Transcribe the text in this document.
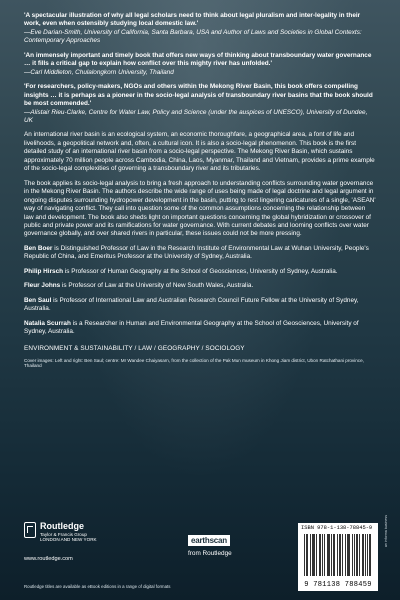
'A spectacular illustration of why all legal scholars need to think about legal pluralism and inter-legality in their work, even when ostensibly studying local domestic law.'
—Eve Darian-Smith, University of California, Santa Barbara, USA and Author of Laws and Societies in Global Contexts: Contemporary Approaches
'An immensely important and timely book that offers new ways of thinking about transboundary water governance … it fills a critical gap to explain how conflict over this mighty river has unfolded.'
—Carl Middleton, Chulalongkorn University, Thailand
'For researchers, policy-makers, NGOs and others within the Mekong River Basin, this book offers compelling insights … it is perhaps as a pioneer in the socio-legal analysis of transboundary river basins that the book should be most commended.'
—Alistair Rieu-Clarke, Centre for Water Law, Policy and Science (under the auspices of UNESCO), University of Dundee, UK

An international river basin is an ecological system, an economic thoroughfare, a geographical area, a font of life and livelihoods, a geopolitical network and, often, a cultural icon. It is also a socio-legal phenomenon. This book is the first detailed study of an international river basin from a socio-legal perspective. The Mekong River Basin, which sustains approximately 70 million people across Cambodia, China, Laos, Myanmar, Thailand and Vietnam, provides a prime example of the socio-legal complexities of governing a transboundary river and its tributaries.

The book applies its socio-legal analysis to bring a fresh approach to understanding conflicts surrounding water governance in the Mekong River Basin. The authors describe the wide range of uses being made of legal doctrine and legal argument in ongoing disputes surrounding hydropower development in the basin, putting to rest lingering caricatures of a single, 'ASEAN' way of navigating conflict. They call into question some of the common assumptions concerning the relationship between law and development. The book also sheds light on important questions concerning the global hybridization or crossover of public and private power and its ramifications for water governance. With current debates and looming conflicts over water governance globally, and over shared rivers in particular, these issues could not be more pressing.

Ben Boer is Distinguished Professor of Law in the Research Institute of Environmental Law at Wuhan University, People's Republic of China, and Emeritus Professor at the University of Sydney, Australia.

Philip Hirsch is Professor of Human Geography at the School of Geosciences, University of Sydney, Australia.

Fleur Johns is Professor of Law at the University of New South Wales, Australia.

Ben Saul is Professor of International Law and Australian Research Council Future Fellow at the University of Sydney, Australia.

Natalia Scurrah is a Researcher in Human and Environmental Geography at the School of Geosciences, University of Sydney, Australia.

ENVIRONMENT & SUSTAINABILITY / LAW / GEOGRAPHY / SOCIOLOGY
Cover images: Left and right: Ben Saul; centre: Mr Wandee Chaiyasarn, from the collection of the Pak Mun museum in Khong Jiam district, Ubon Ratchathani province, Thailand
Routledge
Taylor & Francis Group
LONDON AND NEW YORK
www.routledge.com
Routledge titles are available as eBook editions in a range of digital formats
earthscan
from Routledge
ISBN 978-1-138-78845-9
9 781138 788459
an informa business
